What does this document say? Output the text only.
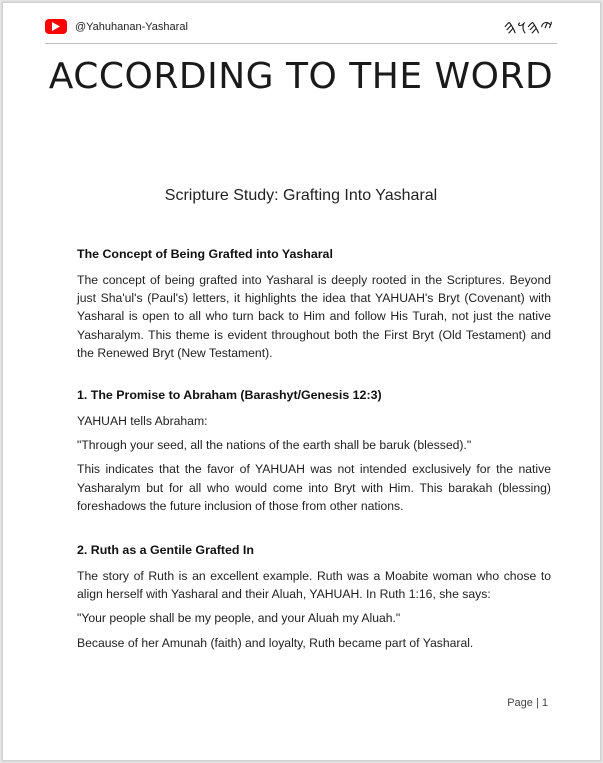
@Yahuhanan-Yasharal	𐤉𐤄𐤅𐤄
ACCORDING TO THE WORD

Scripture Study: Grafting Into Yasharal

The Concept of Being Grafted into Yasharal

The concept of being grafted into Yasharal is deeply rooted in the Scriptures. Beyond just Sha'ul's (Paul's) letters, it highlights the idea that YAHUAH's Bryt (Covenant) with Yasharal is open to all who turn back to Him and follow His Turah, not just the native Yasharalym. This theme is evident throughout both the First Bryt (Old Testament) and the Renewed Bryt (New Testament).

1. The Promise to Abraham (Barashyt/Genesis 12:3)

YAHUAH tells Abraham:

"Through your seed, all the nations of the earth shall be baruk (blessed)."

This indicates that the favor of YAHUAH was not intended exclusively for the native Yasharalym but for all who would come into Bryt with Him. This barakah (blessing) foreshadows the future inclusion of those from other nations.

2. Ruth as a Gentile Grafted In

The story of Ruth is an excellent example. Ruth was a Moabite woman who chose to align herself with Yasharal and their Aluah, YAHUAH. In Ruth 1:16, she says:

"Your people shall be my people, and your Aluah my Aluah."

Because of her Amunah (faith) and loyalty, Ruth became part of Yasharal.

Page | 1
